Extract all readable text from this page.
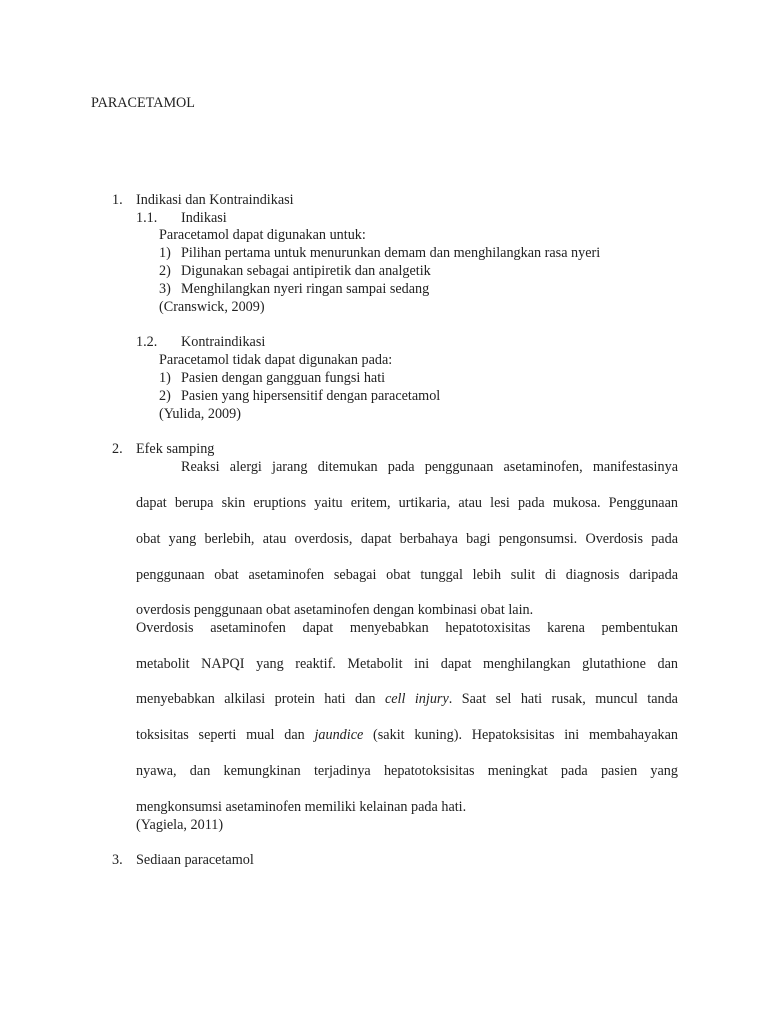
PARACETAMOL
1. Indikasi dan Kontraindikasi
1.1. Indikasi
Paracetamol dapat digunakan untuk:
1) Pilihan pertama untuk menurunkan demam dan menghilangkan rasa nyeri
2) Digunakan sebagai antipiretik dan analgetik
3) Menghilangkan nyeri ringan sampai sedang
(Cranswick, 2009)
1.2. Kontraindikasi
Paracetamol tidak dapat digunakan pada:
1) Pasien dengan gangguan fungsi hati
2) Pasien yang hipersensitif dengan paracetamol
(Yulida, 2009)
2. Efek samping
Reaksi alergi jarang ditemukan pada penggunaan asetaminofen, manifestasinya
dapat berupa skin eruptions yaitu eritem, urtikaria, atau lesi pada mukosa. Penggunaan
obat yang berlebih, atau overdosis, dapat berbahaya bagi pengonsumsi. Overdosis pada
penggunaan obat asetaminofen sebagai obat tunggal lebih sulit di diagnosis daripada
overdosis penggunaan obat asetaminofen dengan kombinasi obat lain.
Overdosis asetaminofen dapat menyebabkan hepatotoxisitas karena pembentukan
metabolit NAPQI yang reaktif. Metabolit ini dapat menghilangkan glutathione dan
menyebabkan alkilasi protein hati dan cell injury. Saat sel hati rusak, muncul tanda
toksisitas seperti mual dan jaundice (sakit kuning). Hepatoksisitas ini membahayakan
nyawa, dan kemungkinan terjadinya hepatotoksisitas meningkat pada pasien yang
mengkonsumsi asetaminofen memiliki kelainan pada hati.
(Yagiela, 2011)
3. Sediaan paracetamol
